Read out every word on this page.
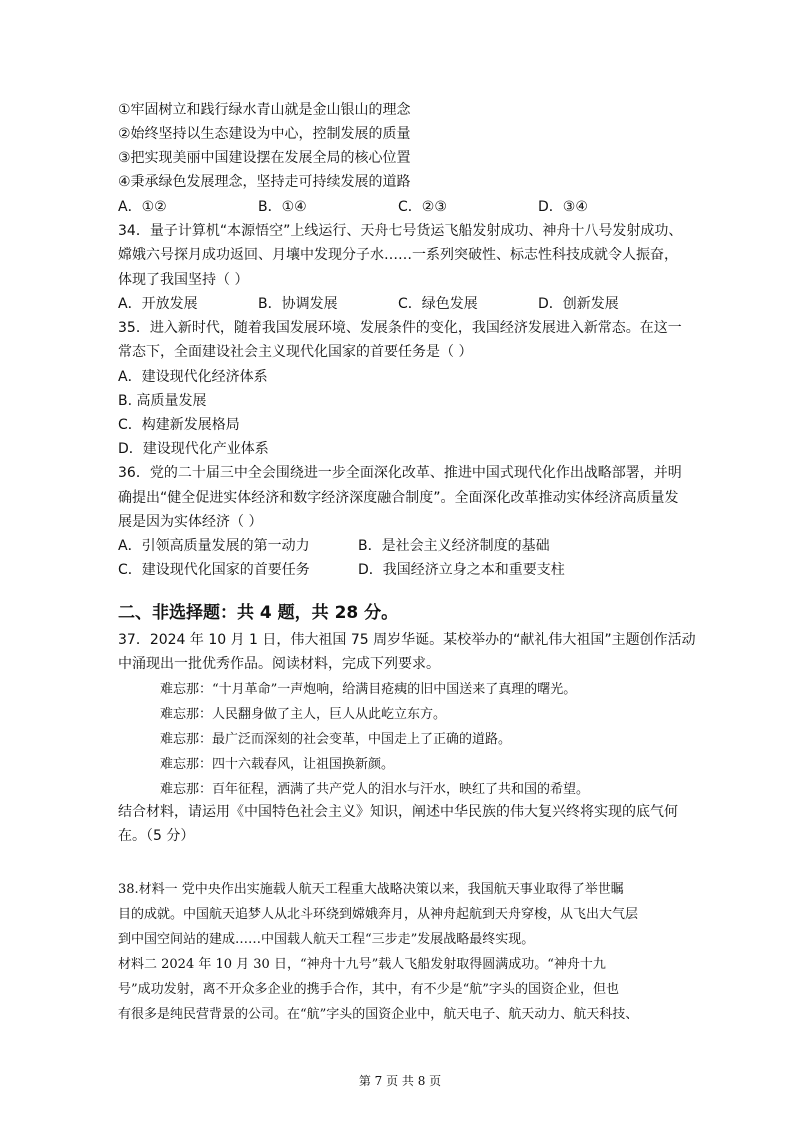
①牢固树立和践行绿水青山就是金山银山的理念
②始终坚持以生态建设为中心，控制发展的质量
③把实现美丽中国建设摆在发展全局的核心位置
④秉承绿色发展理念，坚持走可持续发展的道路
A．①②	B．①④	C．②③	D．③④
34．量子计算机“本源悟空”上线运行、天舟七号货运飞船发射成功、神舟十八号发射成功、
嫦娥六号探月成功返回、月壤中发现分子水……一系列突破性、标志性科技成就令人振奋，
体现了我国坚持（ ）
A．开放发展	B．协调发展	C．绿色发展	D．创新发展
35．进入新时代，随着我国发展环境、发展条件的变化，我国经济发展进入新常态。在这一
常态下，全面建设社会主义现代化国家的首要任务是（ ）
A．建设现代化经济体系
B. 高质量发展
C．构建新发展格局
D．建设现代化产业体系
36．党的二十届三中全会围绕进一步全面深化改革、推进中国式现代化作出战略部署，并明
确提出“健全促进实体经济和数字经济深度融合制度”。全面深化改革推动实体经济高质量发
展是因为实体经济（ ）
A．引领高质量发展的第一动力	B．是社会主义经济制度的基础
C．建设现代化国家的首要任务	D．我国经济立身之本和重要支柱
二、非选择题：共 4 题，共 28 分。
37．2024 年 10 月 1 日，伟大祖国 75 周岁华诞。某校举办的“献礼伟大祖国”主题创作活动
中涌现出一批优秀作品。阅读材料，完成下列要求。
难忘那：“十月革命”一声炮响，给满目疮痍的旧中国送来了真理的曙光。
难忘那：人民翻身做了主人，巨人从此屹立东方。
难忘那：最广泛而深刻的社会变革，中国走上了正确的道路。
难忘那：四十六载春风，让祖国换新颜。
难忘那：百年征程，洒满了共产党人的泪水与汗水，映红了共和国的希望。
结合材料，请运用《中国特色社会主义》知识，阐述中华民族的伟大复兴终将实现的底气何
在。（5 分）
38.材料一 党中央作出实施载人航天工程重大战略决策以来，我国航天事业取得了举世瞩
目的成就。中国航天追梦人从北斗环绕到嫦娥奔月，从神舟起航到天舟穿梭，从飞出大气层
到中国空间站的建成……中国载人航天工程“三步走”发展战略最终实现。
材料二 2024 年 10 月 30 日，“神舟十九号”载人飞船发射取得圆满成功。“神舟十九
号”成功发射，离不开众多企业的携手合作，其中，有不少是“航”字头的国资企业，但也
有很多是纯民营背景的公司。在“航”字头的国资企业中，航天电子、航天动力、航天科技、
第 7 页 共 8 页
